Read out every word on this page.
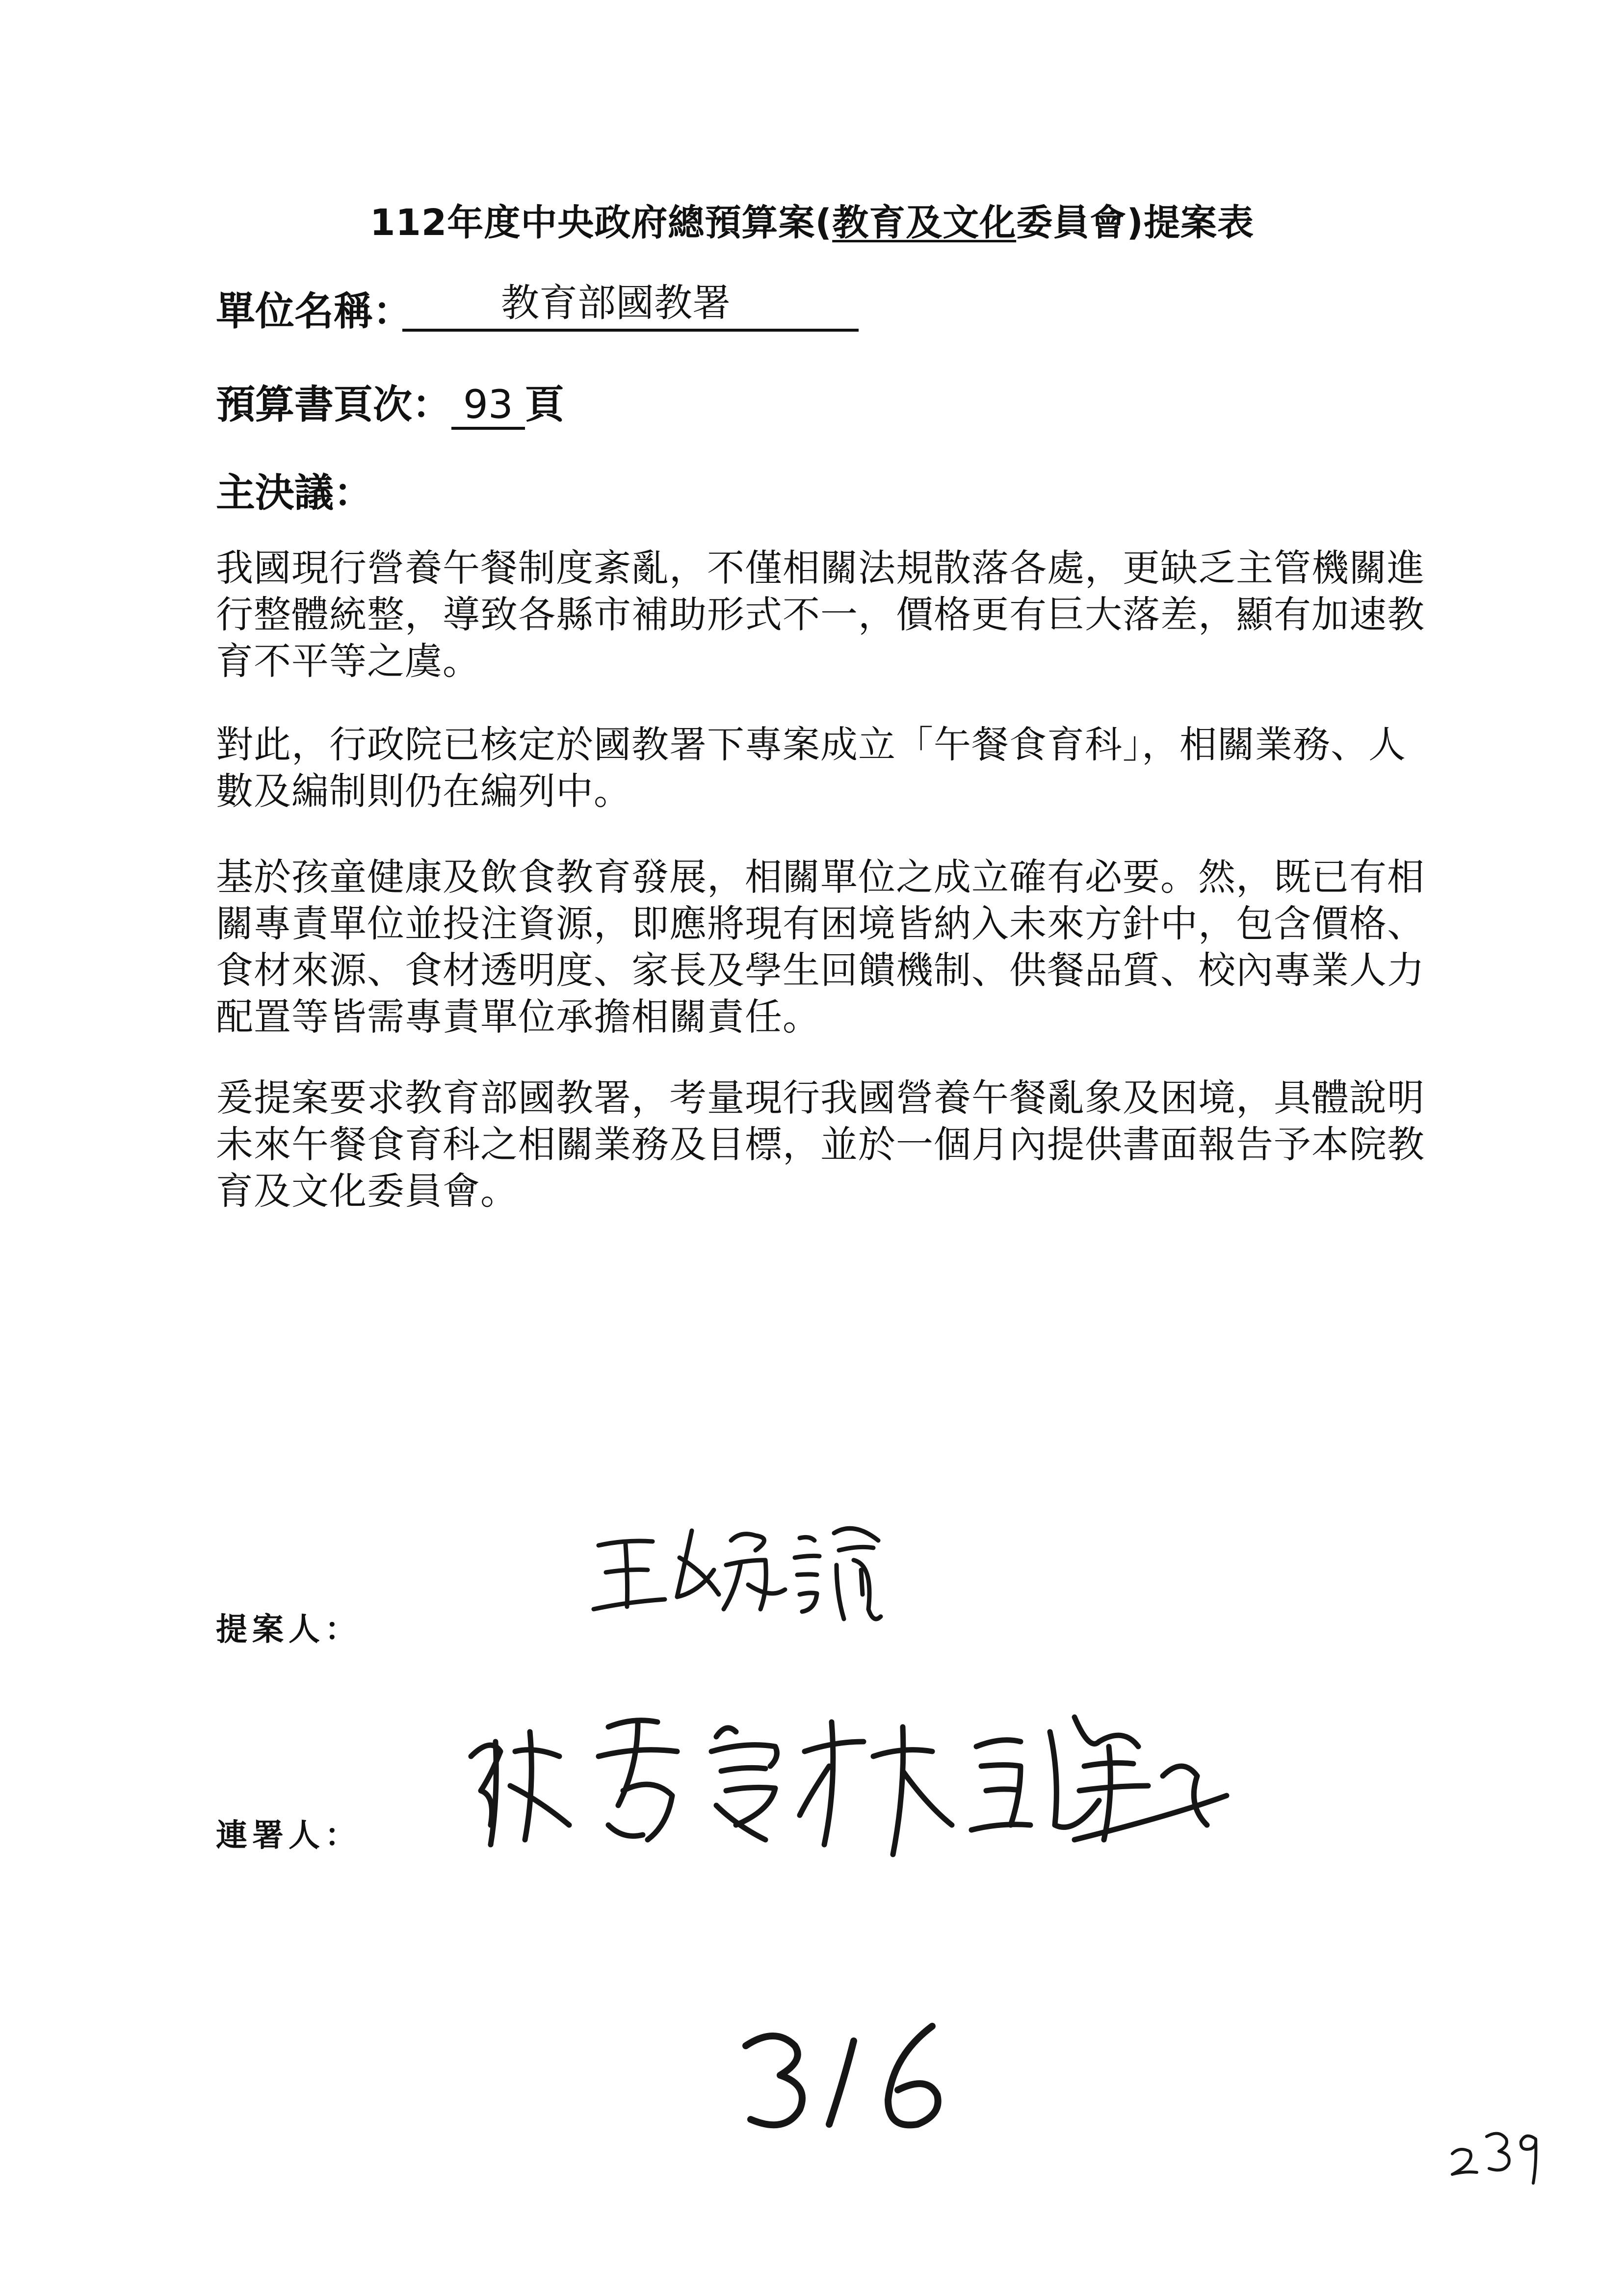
112年度中央政府總預算案(教育及文化委員會)提案表
單位名稱：	教育部國教署
預算書頁次： 93 頁
主決議：
我國現行營養午餐制度紊亂，不僅相關法規散落各處，更缺乏主管機關進
行整體統整，導致各縣市補助形式不一，價格更有巨大落差，顯有加速教
育不平等之虞。
對此，行政院已核定於國教署下專案成立「午餐食育科」，相關業務、人
數及編制則仍在編列中。
基於孩童健康及飲食教育發展，相關單位之成立確有必要。然，既已有相
關專責單位並投注資源，即應將現有困境皆納入未來方針中，包含價格、
食材來源、食材透明度、家長及學生回饋機制、供餐品質、校內專業人力
配置等皆需專責單位承擔相關責任。
爰提案要求教育部國教署，考量現行我國營養午餐亂象及困境，具體說明
未來午餐食育科之相關業務及目標，並於一個月內提供書面報告予本院教
育及文化委員會。
提案人：
連署人：
